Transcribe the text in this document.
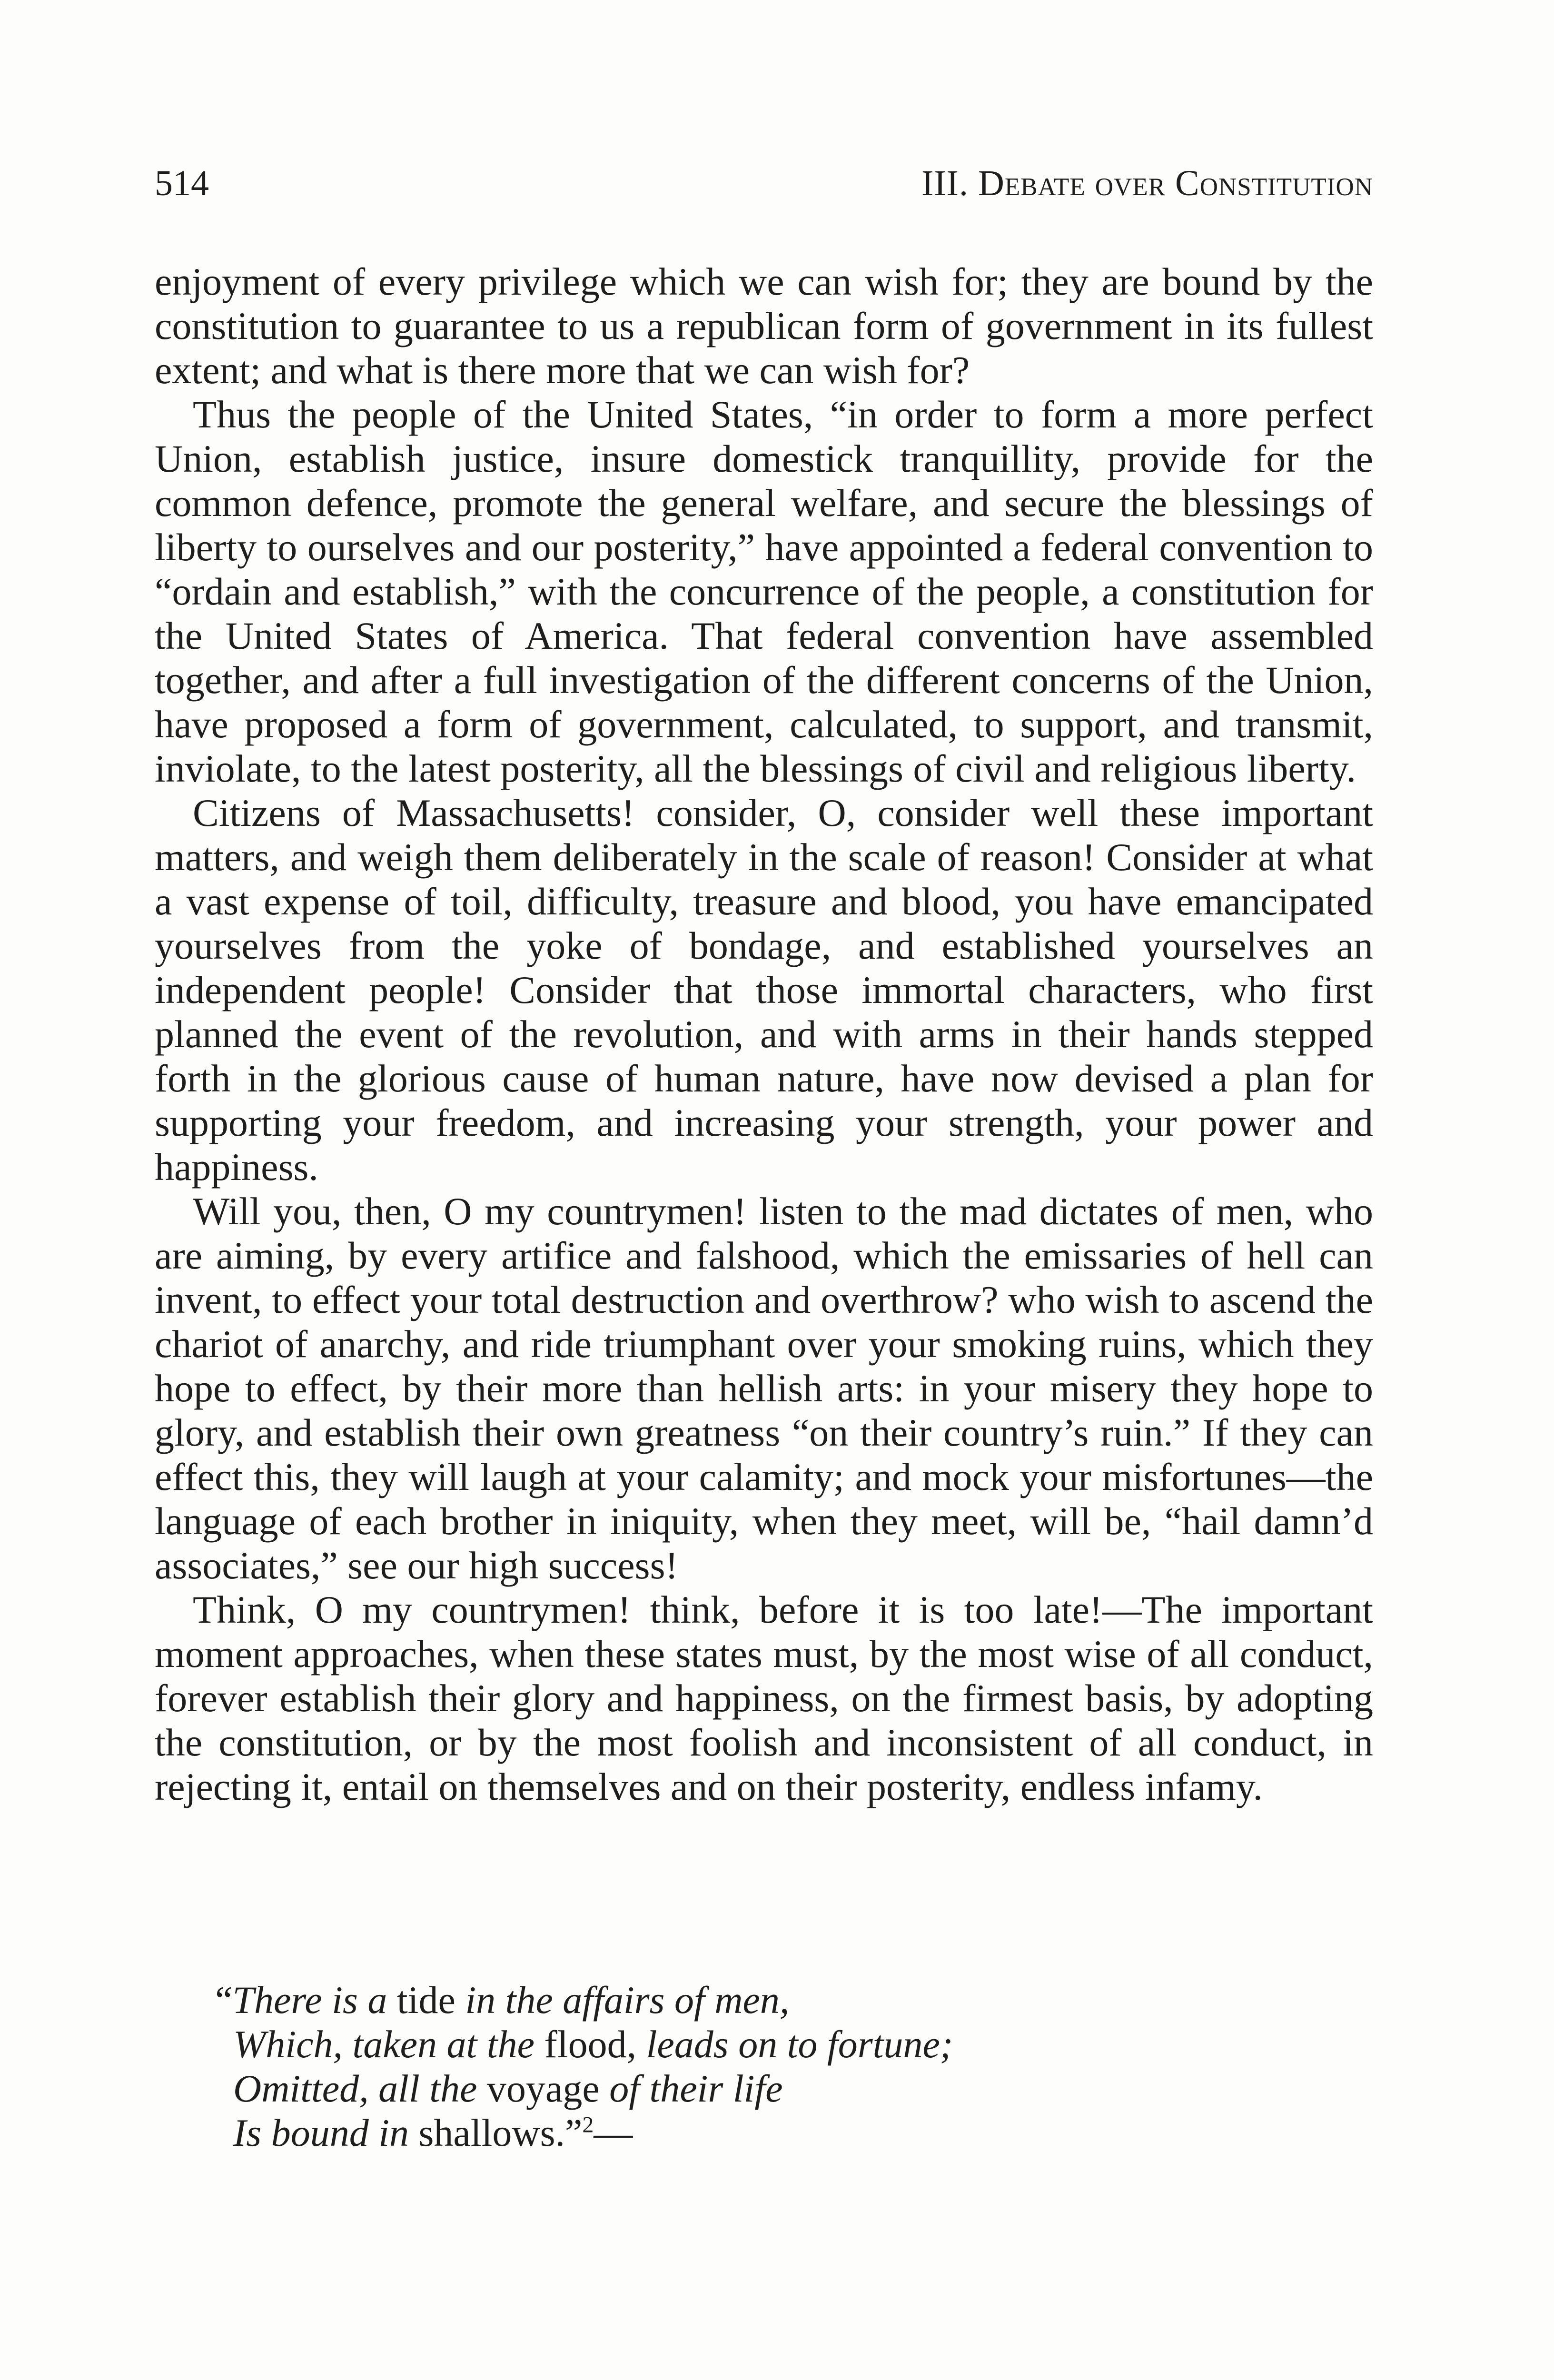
514	III. Debate over Constitution

enjoyment of every privilege which we can wish for; they are bound by the constitution to guarantee to us a republican form of government in its fullest extent; and what is there more that we can wish for?

Thus the people of the United States, “in order to form a more perfect Union, establish justice, insure domestick tranquillity, provide for the common defence, promote the general welfare, and secure the blessings of liberty to ourselves and our posterity,” have appointed a federal convention to “ordain and establish,” with the concurrence of the people, a constitution for the United States of America. That federal convention have assembled together, and after a full investigation of the different concerns of the Union, have proposed a form of government, calculated, to support, and transmit, inviolate, to the latest posterity, all the blessings of civil and religious liberty.

Citizens of Massachusetts! consider, O, consider well these important matters, and weigh them deliberately in the scale of reason! Consider at what a vast expense of toil, difficulty, treasure and blood, you have emancipated yourselves from the yoke of bondage, and established yourselves an independent people! Consider that those immortal characters, who first planned the event of the revolution, and with arms in their hands stepped forth in the glorious cause of human nature, have now devised a plan for supporting your freedom, and increasing your strength, your power and happiness.

Will you, then, O my countrymen! listen to the mad dictates of men, who are aiming, by every artifice and falshood, which the emissaries of hell can invent, to effect your total destruction and overthrow? who wish to ascend the chariot of anarchy, and ride triumphant over your smoking ruins, which they hope to effect, by their more than hellish arts: in your misery they hope to glory, and establish their own greatness “on their country’s ruin.” If they can effect this, they will laugh at your calamity; and mock your misfortunes—the language of each brother in iniquity, when they meet, will be, “hail damn’d associates,” see our high success!

Think, O my countrymen! think, before it is too late!—The important moment approaches, when these states must, by the most wise of all conduct, forever establish their glory and happiness, on the firmest basis, by adopting the constitution, or by the most foolish and inconsistent of all conduct, in rejecting it, entail on themselves and on their posterity, endless infamy.

“There is a tide in the affairs of men,
Which, taken at the flood, leads on to fortune;
Omitted, all the voyage of their life
Is bound in shallows.”$^2$—
